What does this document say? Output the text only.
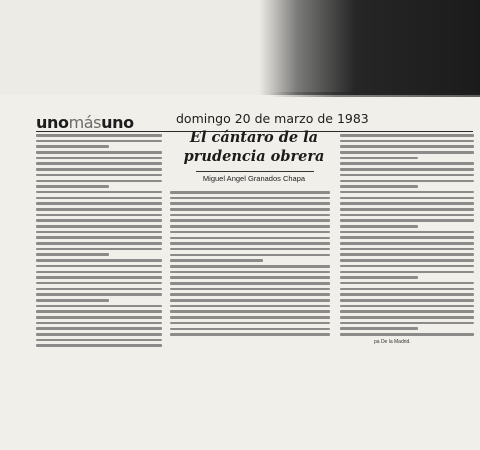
unomásuno	domingo 20 de marzo de 1983
El cántaro de la prudencia obrera
Miguel Angel Granados Chapa
pa De la Madrid.
